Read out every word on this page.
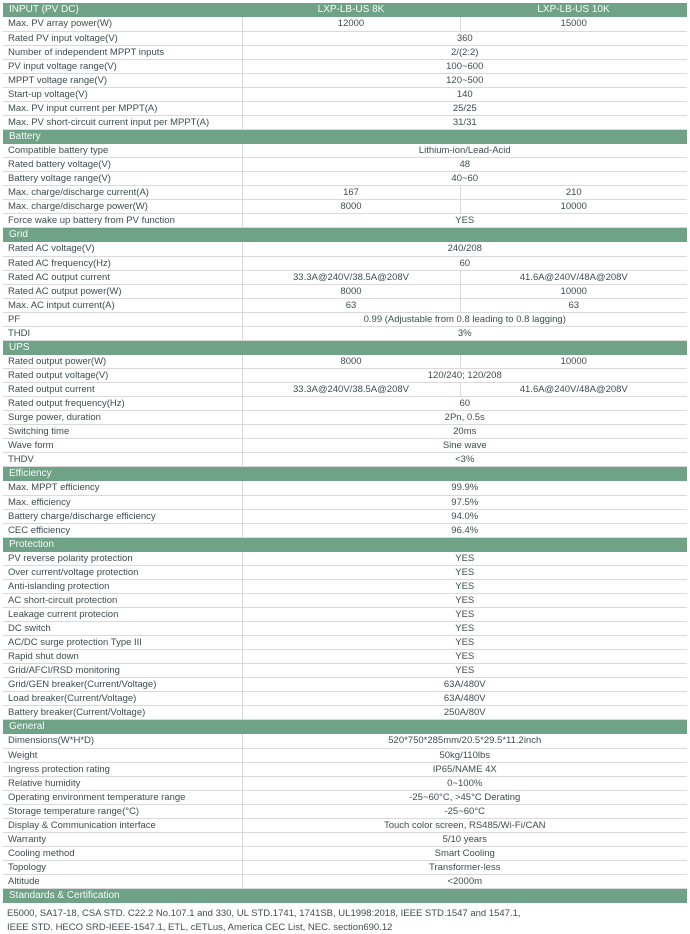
INPUT (PV DC)	LXP-LB-US 8K	LXP-LB-US 10K
Max. PV array power(W)	12000	15000
Rated PV input voltage(V)	360	
Number of independent MPPT inputs	2/(2:2)	
PV input voltage range(V)	100~600	
MPPT voltage range(V)	120~500	
Start-up voltage(V)	140	
Max. PV input current per MPPT(A)	25/25	
Max. PV short-circuit current input per MPPT(A)	31/31	
Battery		
Compatible battery type	Lithium-ion/Lead-Acid	
Rated battery voltage(V)	48	
Battery voltage range(V)	40~60	
Max. charge/discharge current(A)	167	210
Max. charge/discharge power(W)	8000	10000
Force wake up battery from PV function	YES	
Grid		
Rated AC voltage(V)	240/208	
Rated AC frequency(Hz)	60	
Rated AC output current	33.3A@240V/38.5A@208V	41.6A@240V/48A@208V
Rated AC output power(W)	8000	10000
Max. AC intput current(A)	63	63
PF	0.99 (Adjustable from 0.8 leading to 0.8 lagging)	
THDI	3%	
UPS		
Rated output power(W)	8000	10000
Rated output voltage(V)	120/240; 120/208	
Rated output current	33.3A@240V/38.5A@208V	41.6A@240V/48A@208V
Rated output frequency(Hz)	60	
Surge power, duration	2Pn, 0.5s	
Switching time	20ms	
Wave form	Sine wave	
THDV	<3%	
Efficiency		
Max. MPPT efficiency	99.9%	
Max. efficiency	97.5%	
Battery charge/discharge efficiency	94.0%	
CEC efficiency	96.4%	
Protection		
PV reverse polarity protection	YES	
Over current/voltage protection	YES	
Anti-islanding protection	YES	
AC short-circuit protection	YES	
Leakage current protecion	YES	
DC switch	YES	
AC/DC surge protection Type III	YES	
Rapid shut down	YES	
Grid/AFCI/RSD monitoring	YES	
Grid/GEN breaker(Current/Voltage)	63A/480V	
Load breaker(Current/Voltage)	63A/480V	
Battery breaker(Current/Voltage)	250A/80V	
General		
Dimensions(W*H*D)	520*750*285mm/20.5*29.5*11.2inch	
Weight	50kg/110lbs	
Ingress protection rating	IP65/NAME 4X	
Relative humidity	0~100%	
Operating environment temperature range	-25~60°C, >45°C Derating	
Storage temperature range(°C)	-25~60°C	
Display & Communication interface	Touch color screen, RS485/Wi-Fi/CAN	
Warranty	5/10 years	
Cooling method	Smart Cooling	
Topology	Transformer-less	
Altitude	<2000m	
Standards & Certification		
E5000, SA17-18, CSA STD. C22.2 No.107.1 and 330, UL STD.1741, 1741SB, UL1998:2018, IEEE STD.1547 and 1547.1,
IEEE STD. HECO SRD-IEEE-1547.1, ETL, cETLus, America CEC List, NEC. section690.12
